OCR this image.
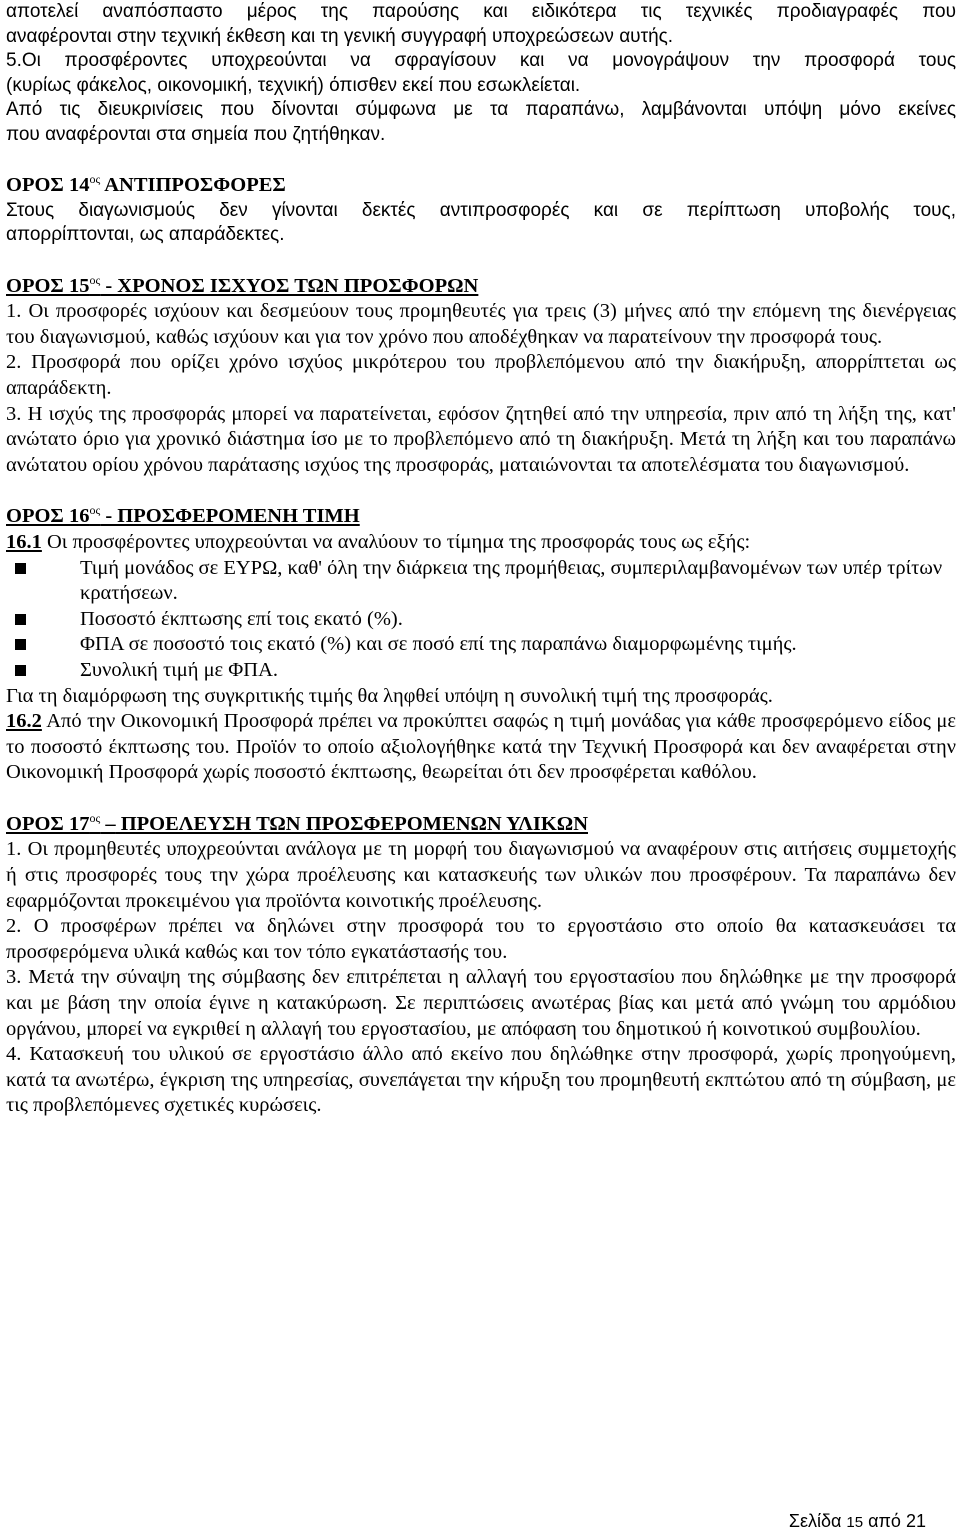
αποτελεί αναπόσπαστο μέρος της παρούσης και ειδικότερα τις τεχνικές προδιαγραφές που

αναφέρονται στην τεχνική έκθεση και τη γενική συγγραφή υποχρεώσεων αυτής.

5.Οι προσφέροντες υποχρεούνται να σφραγίσουν και να μονογράψουν την προσφορά τους

(κυρίως φάκελος, οικονομική, τεχνική) όπισθεν εκεί που εσωκλείεται.

Από τις διευκρινίσεις που δίνονται σύμφωνα με τα παραπάνω, λαμβάνονται υπόψη μόνο εκείνες

που αναφέρονται στα σημεία που ζητήθηκαν.

ΟΡΟΣ $14^{o\varsigma}$ ΑΝΤΙΠΡΟΣΦΟΡΕΣ

Στους διαγωνισμούς δεν γίνονται δεκτές αντιπροσφορές και σε περίπτωση υποβολής τους,

απορρίπτονται, ως απαράδεκτες.

ΟΡΟΣ $15^{o\varsigma}$ - ΧΡΟΝΟΣ ΙΣΧΥΟΣ ΤΩΝ ΠΡΟΣΦΟΡΩΝ

1. Οι προσφορές ισχύουν και δεσμεύουν τους προμηθευτές για τρεις (3) μήνες από την επόμενη της διενέργειας του διαγωνισμού, καθώς ισχύουν και για τον χρόνο που αποδέχθηκαν να παρατείνουν την προσφορά τους.

2. Προσφορά που ορίζει χρόνο ισχύος μικρότερου του προβλεπόμενου από την διακήρυξη, απορρίπτεται ως απαράδεκτη.

3. Η ισχύς της προσφοράς μπορεί να παρατείνεται, εφόσον ζητηθεί από την υπηρεσία, πριν από τη λήξη της, κατ' ανώτατο όριο για χρονικό διάστημα ίσο με το προβλεπόμενο από τη διακήρυξη. Μετά τη λήξη και του παραπάνω ανώτατου ορίου χρόνου παράτασης ισχύος της προσφοράς, ματαιώνονται τα αποτελέσματα του διαγωνισμού.

ΟΡΟΣ $16^{o\varsigma}$ - ΠΡΟΣΦΕΡΟΜΕΝΗ ΤΙΜΗ

16.1 Οι προσφέροντες υποχρεούνται να αναλύουν το τίμημα της προσφοράς τους ως εξής:

Τιμή μονάδος σε ΕΥΡΩ, καθ' όλη την διάρκεια της προμήθειας, συμπεριλαμβανομένων των υπέρ τρίτων κρατήσεων.
Ποσοστό έκπτωσης επί τοις εκατό (%).
ΦΠΑ σε ποσοστό τοις εκατό (%) και σε ποσό επί της παραπάνω διαμορφωμένης τιμής.
Συνολική τιμή με ΦΠΑ.

Για τη διαμόρφωση της συγκριτικής τιμής θα ληφθεί υπόψη η συνολική τιμή της προσφοράς.

16.2 Από την Οικονομική Προσφορά πρέπει να προκύπτει σαφώς η τιμή μονάδας για κάθε προσφερόμενο είδος με το ποσοστό έκπτωσης του. Προϊόν το οποίο αξιολογήθηκε κατά την Τεχνική Προσφορά και δεν αναφέρεται στην Οικονομική Προσφορά χωρίς ποσοστό έκπτωσης, θεωρείται ότι δεν προσφέρεται καθόλου.

ΟΡΟΣ $17^{o\varsigma}$ – ΠΡΟΕΛΕΥΣΗ ΤΩΝ ΠΡΟΣΦΕΡΟΜΕΝΩΝ ΥΛΙΚΩΝ

1. Οι προμηθευτές υποχρεούνται ανάλογα με τη μορφή του διαγωνισμού να αναφέρουν στις αιτήσεις συμμετοχής ή στις προσφορές τους την χώρα προέλευσης και κατασκευής των υλικών που προσφέρουν. Τα παραπάνω δεν εφαρμόζονται προκειμένου για προϊόντα κοινοτικής προέλευσης.

2. Ο προσφέρων πρέπει να δηλώνει στην προσφορά του το εργοστάσιο στο οποίο θα κατασκευάσει τα προσφερόμενα υλικά καθώς και τον τόπο εγκατάστασής του.

3. Μετά την σύναψη της σύμβασης δεν επιτρέπεται η αλλαγή του εργοστασίου που δηλώθηκε με την προσφορά και με βάση την οποία έγινε η κατακύρωση. Σε περιπτώσεις ανωτέρας βίας και μετά από γνώμη του αρμόδιου οργάνου, μπορεί να εγκριθεί η αλλαγή του εργοστασίου, με απόφαση του δημοτικού ή κοινοτικού συμβουλίου.

4. Κατασκευή του υλικού σε εργοστάσιο άλλο από εκείνο που δηλώθηκε στην προσφορά, χωρίς προηγούμενη, κατά τα ανωτέρω, έγκριση της υπηρεσίας, συνεπάγεται την κήρυξη του προμηθευτή εκπτώτου από τη σύμβαση, με τις προβλεπόμενες σχετικές κυρώσεις.

Σελίδα 15 από 21
